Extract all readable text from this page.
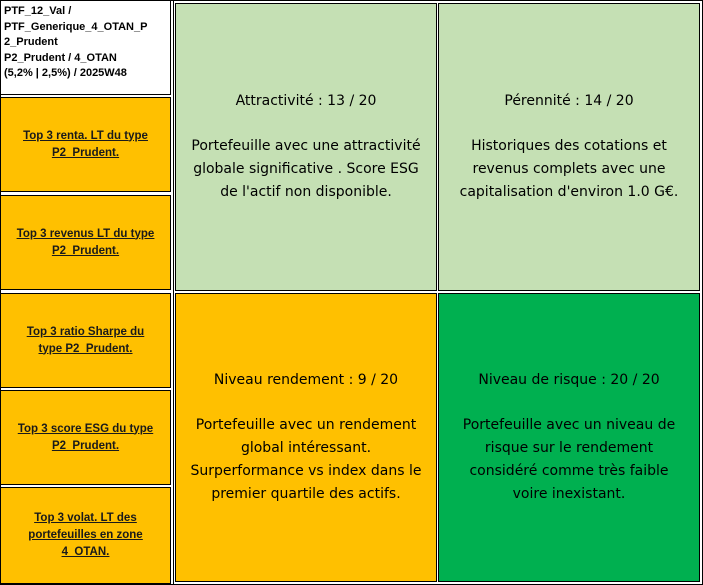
PTF_12_Val /
PTF_Generique_4_OTAN_P
2_Prudent
P2_Prudent / 4_OTAN
(5,2% | 2,5%) / 2025W48
Top 3 renta. LT du type
P2_Prudent.
Top 3 revenus LT du type
P2_Prudent.
Top 3 ratio Sharpe du
type P2_Prudent.
Top 3 score ESG du type
P2_Prudent.
Top 3 volat. LT des
portefeuilles en zone
4_OTAN.
Attractivité : 13 / 20
Portefeuille avec une attractivité
globale significative . Score ESG
de l'actif non disponible.
Pérennité : 14 / 20
Historiques des cotations et
revenus complets avec une
capitalisation d'environ 1.0 G€.
Niveau rendement : 9 / 20
Portefeuille avec un rendement
global intéressant.
Surperformance vs index dans le
premier quartile des actifs.
Niveau de risque : 20 / 20
Portefeuille avec un niveau de
risque sur le rendement
considéré comme très faible
voire inexistant.
